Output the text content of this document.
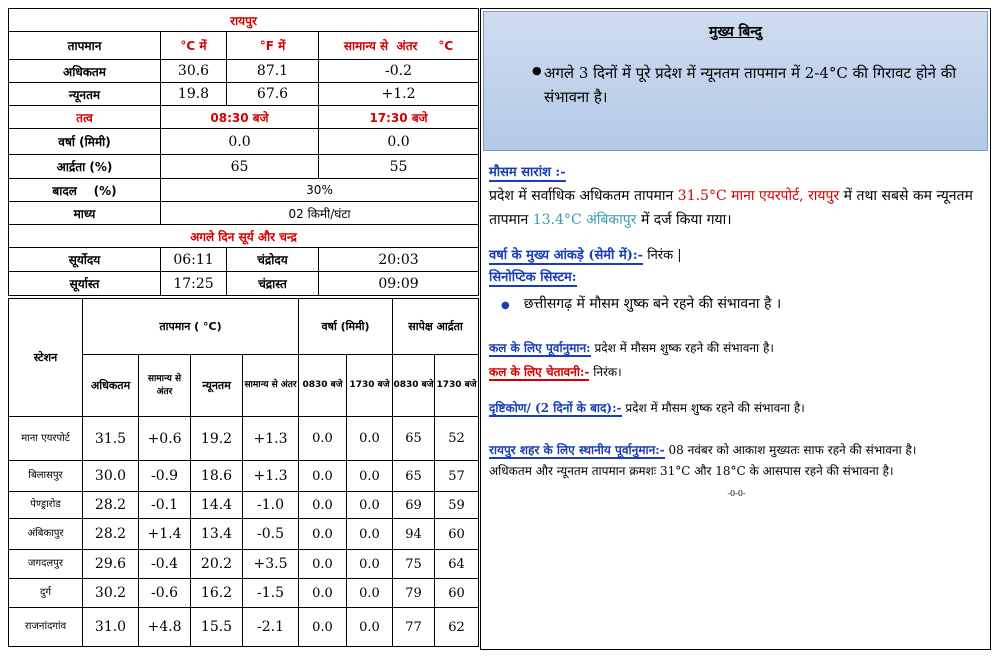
रायपुर			
तापमान	°C में	°F में	सामान्य से  अंतर     °C
अधिकतम	30.6	87.1	-0.2
न्यूनतम	19.8	67.6	+1.2
तत्व	08:30 बजे		17:30 बजे
वर्षा (मिमी)	0.0		0.0
आर्द्रता (%)	65		55
बादल    (%)	30%		
माध्य	02 किमी/घंटा		
अगले दिन सूर्य और चन्द्र			
सूर्योदय	06:11	चंद्रोदय	20:03
सूर्यास्त	17:25	चंद्रास्त	09:09
स्टेशन	तापमान ( °C)				वर्षा (मिमी)		सापेक्ष आर्द्रता	
	अधिकतम	सामान्य से अंतर	न्यूनतम	सामान्य से अंतर	0830 बजे	1730 बजे	0830 बजे	1730 बजे
माना एयरपोर्ट	31.5	+0.6	19.2	+1.3	0.0	0.0	65	52
बिलासपुर	30.0	-0.9	18.6	+1.3	0.0	0.0	65	57
पेण्ड्रारोड	28.2	-0.1	14.4	-1.0	0.0	0.0	69	59
अंबिकापुर	28.2	+1.4	13.4	-0.5	0.0	0.0	94	60
जगदलपुर	29.6	-0.4	20.2	+3.5	0.0	0.0	75	64
दुर्ग	30.2	-0.6	16.2	-1.5	0.0	0.0	79	60
राजनांदगांव	31.0	+4.8	15.5	-2.1	0.0	0.0	77	62
मुख्य बिन्दु
● अगले 3 दिनों में पूरे प्रदेश में न्यूनतम तापमान में 2-4°C की गिरावट होने की संभावना है।
मौसम सारांश :-
प्रदेश में सर्वाधिक अधिकतम तापमान 31.5°C माना एयरपोर्ट, रायपुर में तथा सबसे कम न्यूनतम तापमान 13.4°C अंबिकापुर में दर्ज किया गया।
वर्षा के मुख्य आंकड़े (सेमी में):- निरंक |
सिनोप्टिक सिस्टम:
● छत्तीसगढ़ में मौसम शुष्क बने रहने की संभावना है ।
कल के लिए पूर्वानुमान: प्रदेश में मौसम शुष्क रहने की संभावना है।
कल के लिए चेतावनी:- निरंक।
दृष्टिकोण/ (2 दिनों के बाद):- प्रदेश में मौसम शुष्क रहने की संभावना है।
रायपुर शहर के लिए स्थानीय पूर्वानुमान:- 08 नवंबर को आकाश मुख्यतः साफ रहने की संभावना है।
अधिकतम और न्यूनतम तापमान क्रमशः 31°C और 18°C के आसपास रहने की संभावना है।
-0-0-
